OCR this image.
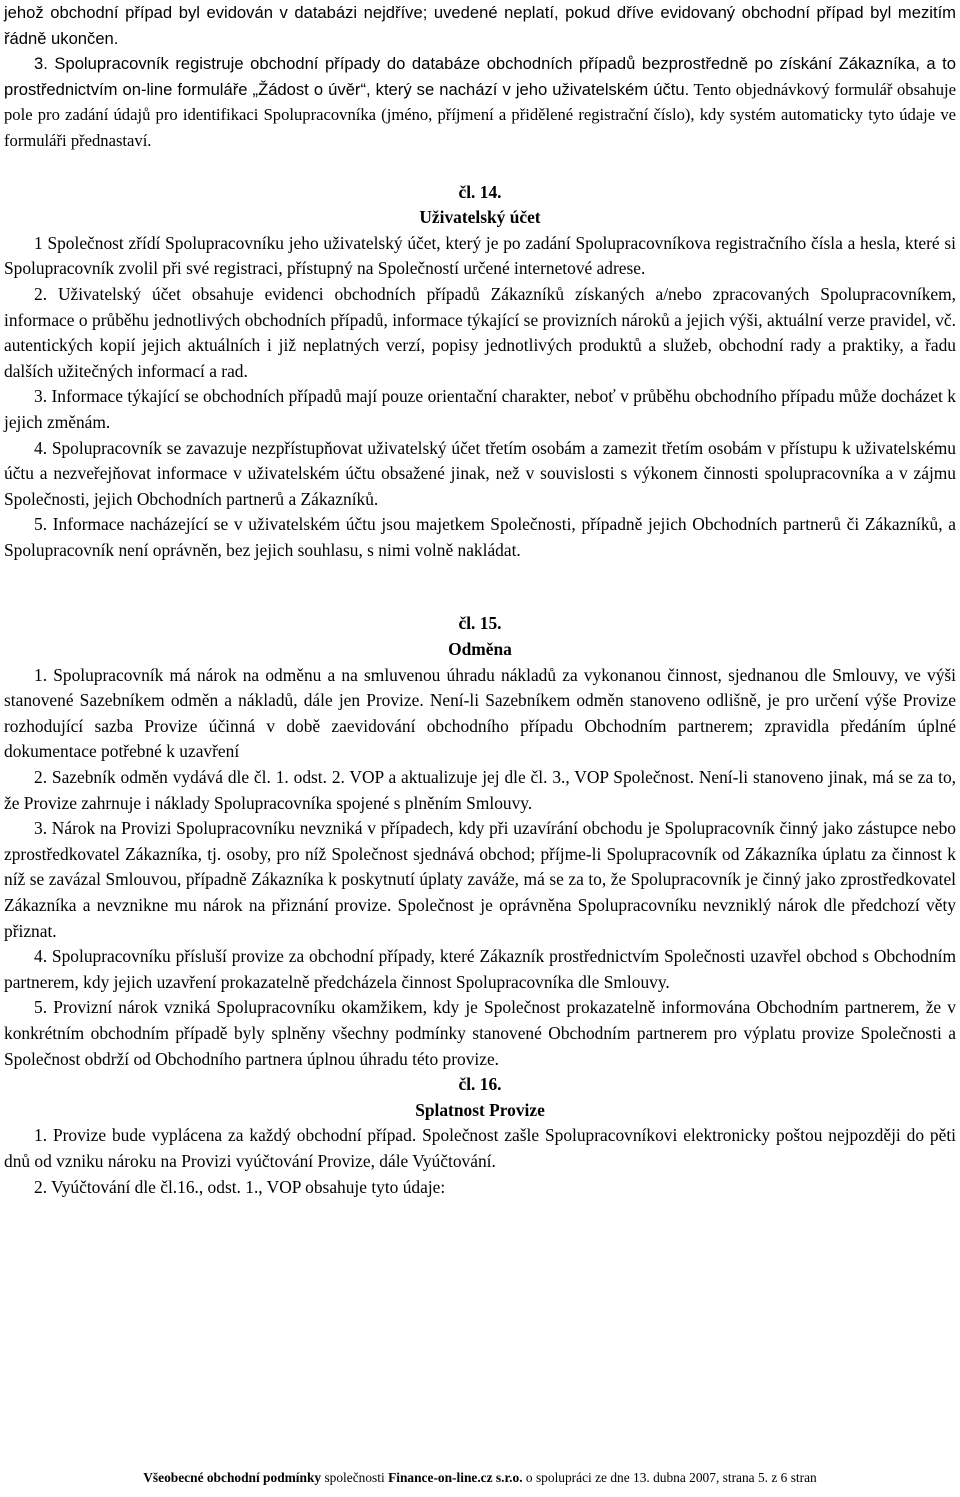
jehož obchodní případ byl evidován v databázi nejdříve; uvedené neplatí, pokud dříve evidovaný obchodní případ byl mezitím řádně ukončen.

3. Spolupracovník registruje obchodní případy do databáze obchodních případů bezprostředně po získání Zákazníka, a to prostřednictvím on-line formuláře „Žádost o úvěr“, který se nachází v jeho uživatelském účtu. Tento objednávkový formulář obsahuje pole pro zadání údajů pro identifikaci Spolupracovníka (jméno, příjmení a přidělené registrační číslo), kdy systém automaticky tyto údaje ve formuláři přednastaví.

čl. 14.

Uživatelský účet

1 Společnost zřídí Spolupracovníku jeho uživatelský účet, který je po zadání Spolupracovníkova registračního čísla a hesla, které si Spolupracovník zvolil při své registraci, přístupný na Společností určené internetové adrese.

2. Uživatelský účet obsahuje evidenci obchodních případů Zákazníků získaných a/nebo zpracovaných Spolupracovníkem, informace o průběhu jednotlivých obchodních případů, informace týkající se provizních nároků a jejich výši, aktuální verze pravidel, vč. autentických kopií jejich aktuálních i již neplatných verzí, popisy jednotlivých produktů a služeb, obchodní rady a praktiky, a řadu dalších užitečných informací a rad.

3. Informace týkající se obchodních případů mají pouze orientační charakter, neboť v průběhu obchodního případu může docházet k jejich změnám.

4. Spolupracovník se zavazuje nezpřístupňovat uživatelský účet třetím osobám a zamezit třetím osobám v přístupu k uživatelskému účtu a nezveřejňovat informace v uživatelském účtu obsažené jinak, než v souvislosti s výkonem činnosti spolupracovníka a v zájmu Společnosti, jejich Obchodních partnerů a Zákazníků.

5. Informace nacházející se v uživatelském účtu jsou majetkem Společnosti, případně jejich Obchodních partnerů či Zákazníků, a Spolupracovník není oprávněn, bez jejich souhlasu, s nimi volně nakládat.

čl. 15.

Odměna

1. Spolupracovník má nárok na odměnu a na smluvenou úhradu nákladů za vykonanou činnost, sjednanou dle Smlouvy, ve výši stanovené Sazebníkem odměn a nákladů, dále jen Provize. Není-li Sazebníkem odměn stanoveno odlišně, je pro určení výše Provize rozhodující sazba Provize účinná v době zaevidování obchodního případu Obchodním partnerem; zpravidla předáním úplné dokumentace potřebné k uzavření

2. Sazebník odměn vydává dle čl. 1. odst. 2. VOP a aktualizuje jej dle čl. 3., VOP Společnost. Není-li stanoveno jinak, má se za to, že Provize zahrnuje i náklady Spolupracovníka spojené s plněním Smlouvy.

3. Nárok na Provizi Spolupracovníku nevzniká v případech, kdy při uzavírání obchodu je Spolupracovník činný jako zástupce nebo zprostředkovatel Zákazníka, tj. osoby, pro níž Společnost sjednává obchod; příjme-li Spolupracovník od Zákazníka úplatu za činnost k níž se zavázal Smlouvou, případně Zákazníka k poskytnutí úplaty zaváže, má se za to, že Spolupracovník je činný jako zprostředkovatel Zákazníka a nevznikne mu nárok na přiznání provize. Společnost je oprávněna Spolupracovníku nevzniklý nárok dle předchozí věty přiznat.

4. Spolupracovníku přísluší provize za obchodní případy, které Zákazník prostřednictvím Společnosti uzavřel obchod s Obchodním partnerem, kdy jejich uzavření prokazatelně předcházela činnost Spolupracovníka dle Smlouvy.

5. Provizní nárok vzniká Spolupracovníku okamžikem, kdy je Společnost prokazatelně informována Obchodním partnerem, že v konkrétním obchodním případě byly splněny všechny podmínky stanovené Obchodním partnerem pro výplatu provize Společnosti a Společnost obdrží od Obchodního partnera úplnou úhradu této provize.

čl. 16.

Splatnost Provize

1. Provize bude vyplácena za každý obchodní případ. Společnost zašle Spolupracovníkovi elektronicky poštou nejpozději do pěti dnů od vzniku nároku na Provizi vyúčtování Provize, dále Vyúčtování.

2. Vyúčtování dle čl.16., odst. 1., VOP obsahuje tyto údaje:

Všeobecné obchodní podmínky společnosti Finance-on-line.cz s.r.o. o spolupráci ze dne 13. dubna 2007, strana 5. z 6 stran
